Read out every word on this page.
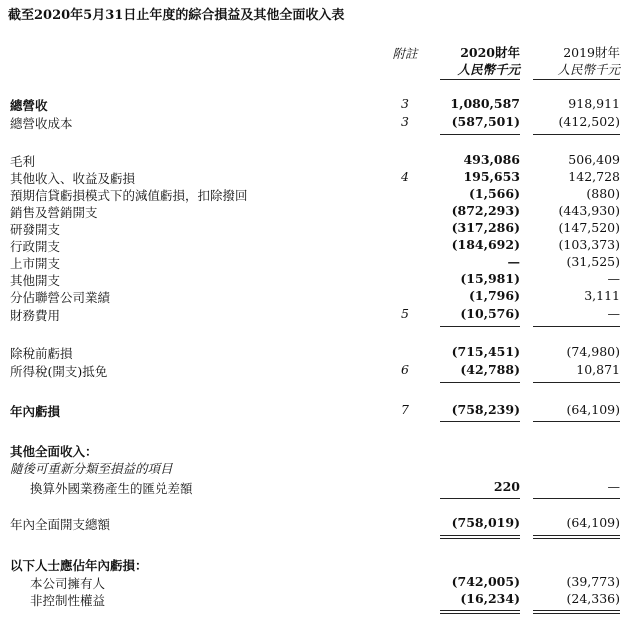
截至2020年5月31日止年度的綜合損益及其他全面收入表
附註	2020財年
人民幣千元
2019財年
人民幣千元
總營收	3	1,080,587	918,911
總營收成本	3	(587,501)	(412,502)
毛利	493,086	506,409
其他收入、收益及虧損	4	195,653	142,728
預期信貸虧損模式下的減值虧損，扣除撥回	(1,566)	(880)
銷售及營銷開支	(872,293)	(443,930)
研發開支	(317,286)	(147,520)
行政開支	(184,692)	(103,373)
上市開支	—	(31,525)
其他開支	(15,981)	—
分佔聯營公司業績	(1,796)	3,111
財務費用	5	(10,576)	—
除稅前虧損	(715,451)	(74,980)
所得稅(開支)抵免	6	(42,788)	10,871
年內虧損	7	(758,239)	(64,109)
其他全面收入：
隨後可重新分類至損益的項目
換算外國業務產生的匯兑差額	220	—
年內全面開支總額	(758,019)	(64,109)
以下人士應佔年內虧損：
本公司擁有人	(742,005)	(39,773)
非控制性權益	(16,234)	(24,336)
